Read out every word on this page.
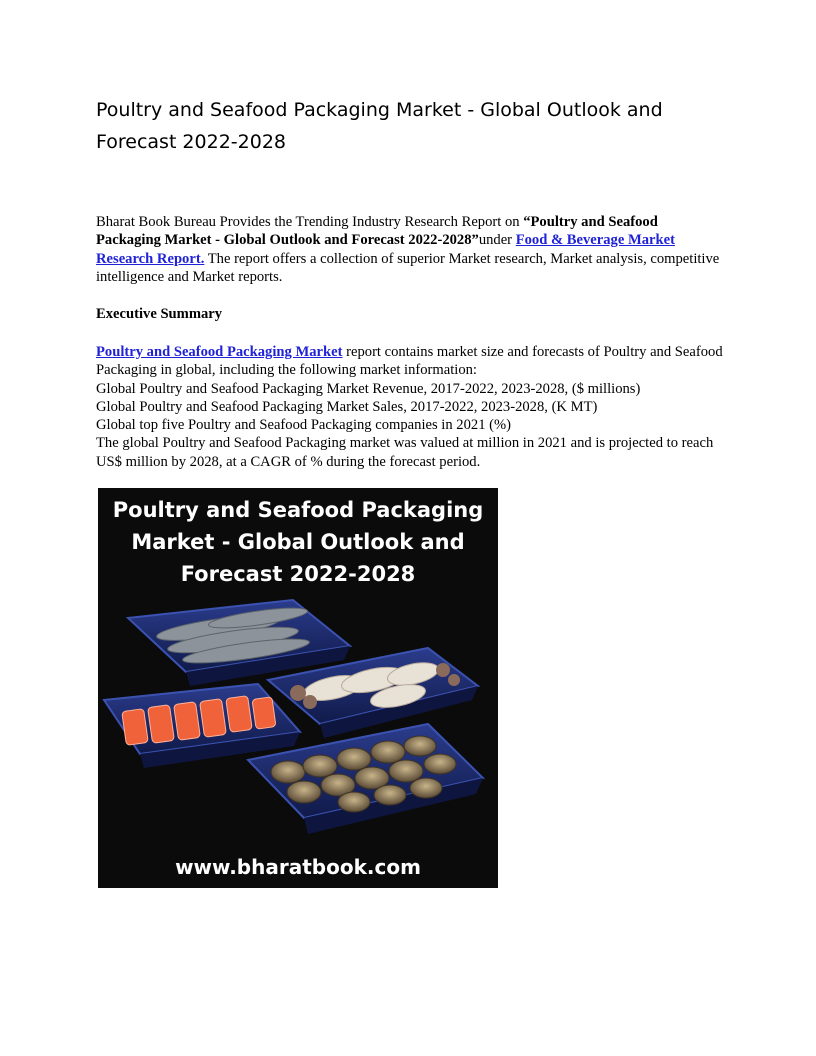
Poultry and Seafood Packaging Market - Global Outlook and Forecast 2022-2028

Bharat Book Bureau Provides the Trending Industry Research Report on “Poultry and Seafood Packaging Market - Global Outlook and Forecast 2022-2028”under Food & Beverage Market Research Report. The report offers a collection of superior Market research, Market analysis, competitive intelligence and Market reports.

Executive Summary

Poultry and Seafood Packaging Market report contains market size and forecasts of Poultry and Seafood Packaging in global, including the following market information:
Global Poultry and Seafood Packaging Market Revenue, 2017-2022, 2023-2028, ($ millions)
Global Poultry and Seafood Packaging Market Sales, 2017-2022, 2023-2028, (K MT)
Global top five Poultry and Seafood Packaging companies in 2021 (%)
The global Poultry and Seafood Packaging market was valued at million in 2021 and is projected to reach US$ million by 2028, at a CAGR of % during the forecast period.
Poultry and Seafood Packaging
Market - Global Outlook and
Forecast 2022-2028
www.bharatbook.com
